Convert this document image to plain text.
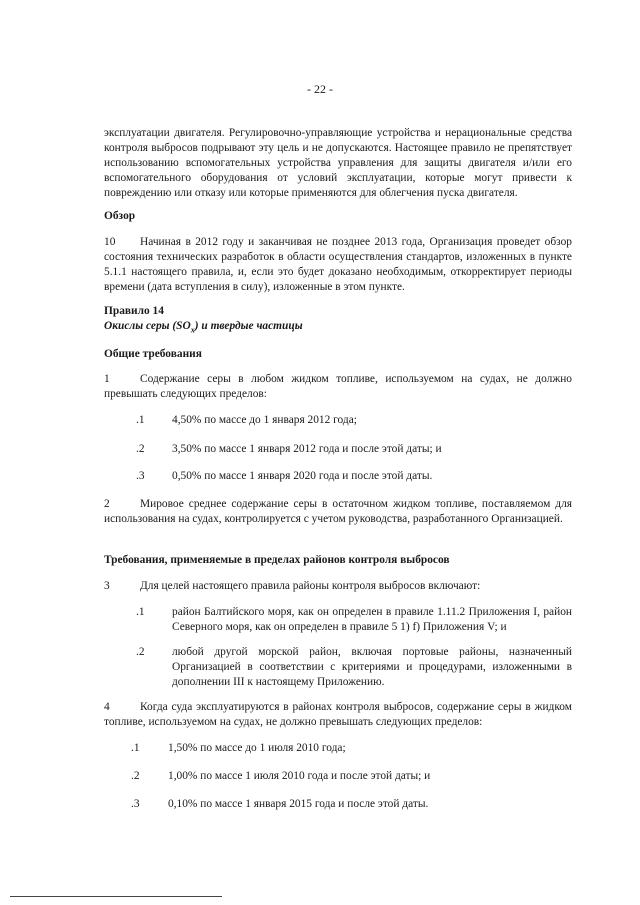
- 22 -
эксплуатации двигателя. Регулировочно-управляющие устройства и нерациональные средства контроля выбросов подрывают эту цель и не допускаются. Настоящее правило не препятствует использованию вспомогательных устройства управления для защиты двигателя и/или его вспомогательного оборудования от условий эксплуатации, которые могут привести к повреждению или отказу или которые применяются для облегчения пуска двигателя.
Обзор
10 Начиная в 2012 году и заканчивая не позднее 2013 года, Организация проведет обзор состояния технических разработок в области осуществления стандартов, изложенных в пункте 5.1.1 настоящего правила, и, если это будет доказано необходимым, откорректирует периоды времени (дата вступления в силу), изложенные в этом пункте.
Правило 14
Окислы серы $(SO_x)$ и твердые частицы
Общие требования
1	Содержание серы в любом жидком топливе, используемом на судах, не должно превышать следующих пределов:
.1 4,50% по массе до 1 января 2012 года;
.2 3,50% по массе 1 января 2012 года и после этой даты; и
.3 0,50% по массе 1 января 2020 года и после этой даты.
2	Мировое среднее содержание серы в остаточном жидком топливе, поставляемом для использования на судах, контролируется с учетом руководства, разработанного Организацией.
Требования, применяемые в пределах районов контроля выбросов
3	Для целей настоящего правила районы контроля выбросов включают:
.1 район Балтийского моря, как он определен в правиле 1.11.2 Приложения I, район Северного моря, как он определен в правиле 5 1) f) Приложения V; и
.2 любой другой морской район, включая портовые районы, назначенный Организацией в соответствии с критериями и процедурами, изложенными в дополнении III к настоящему Приложению.
4	Когда суда эксплуатируются в районах контроля выбросов, содержание серы в жидком топливе, используемом на судах, не должно превышать следующих пределов:
.1 1,50% по массе до 1 июля 2010 года;
.2 1,00% по массе 1 июля 2010 года и после этой даты; и
.3 0,10% по массе 1 января 2015 года и после этой даты.
